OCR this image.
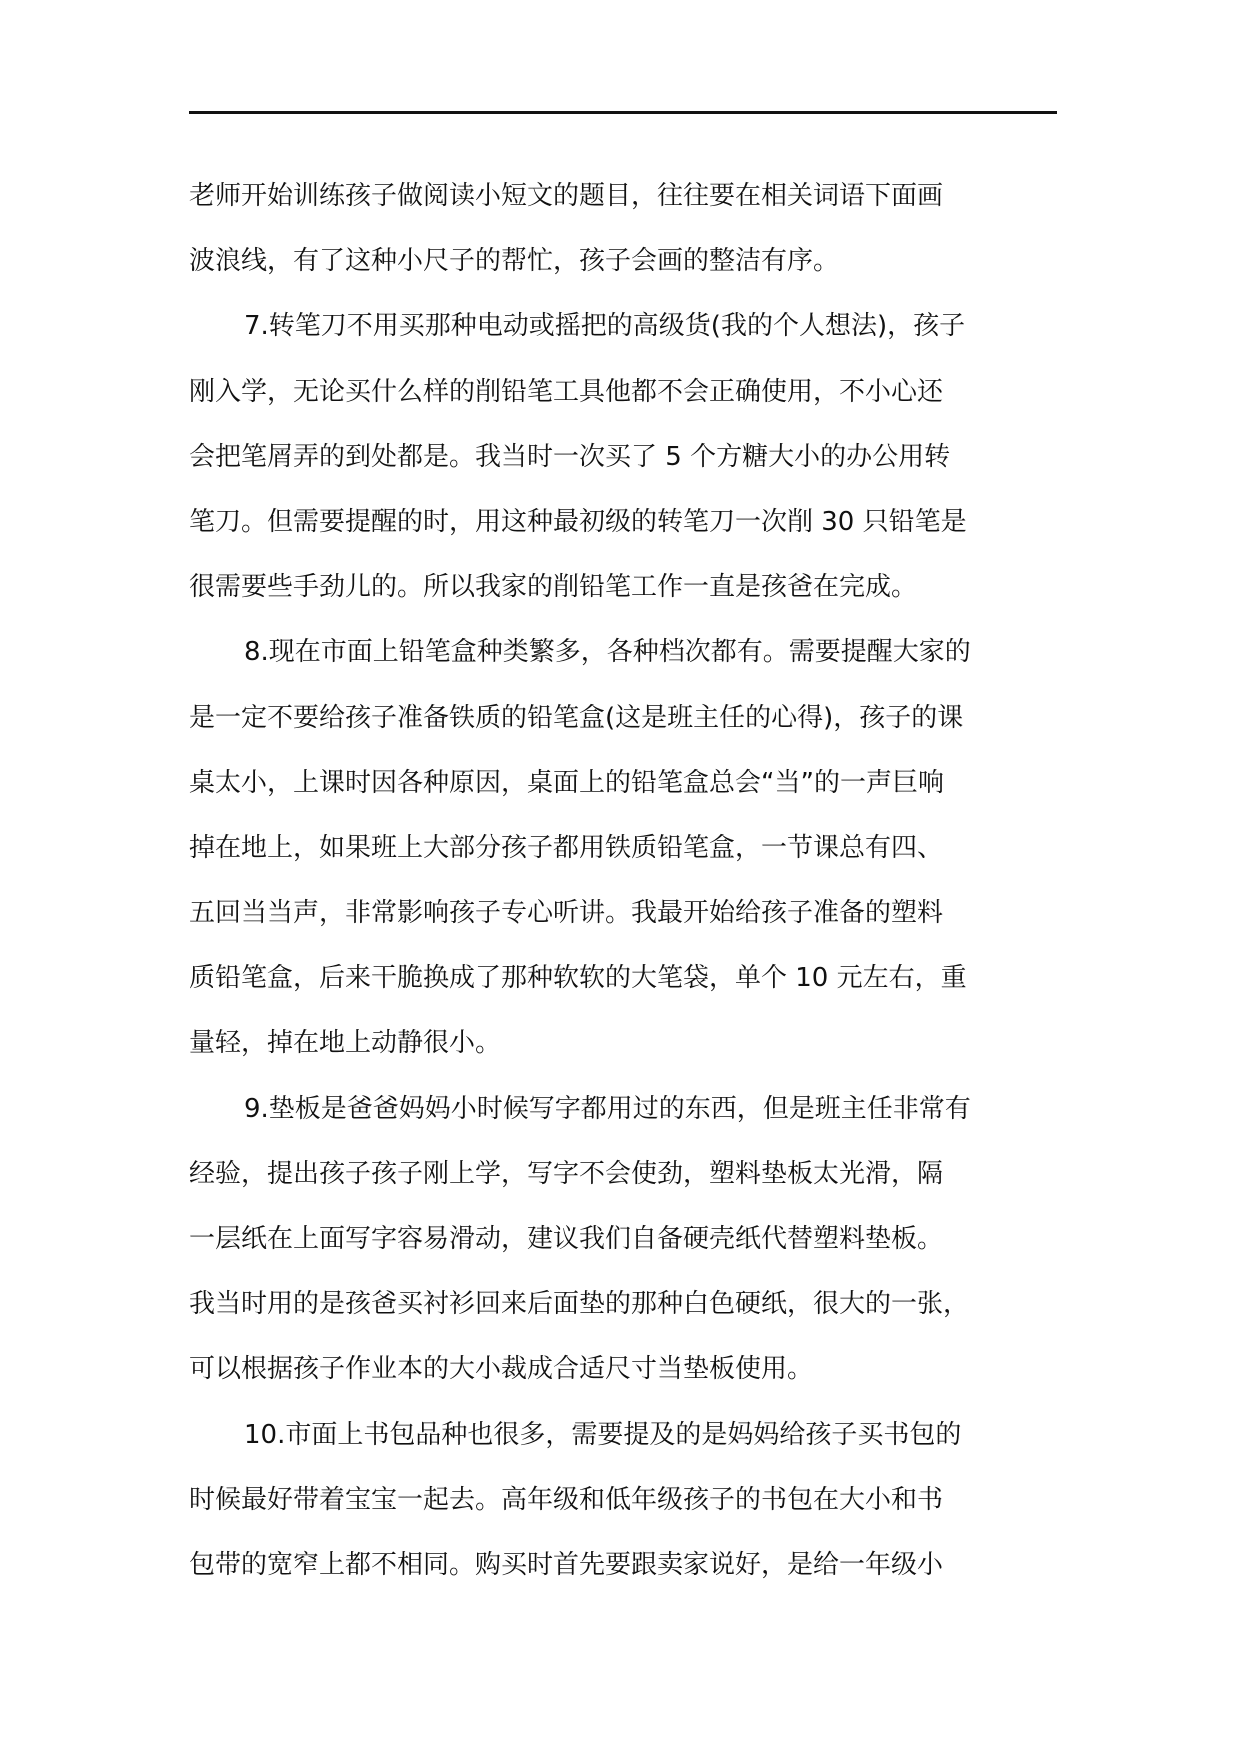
老师开始训练孩子做阅读小短文的题目，往往要在相关词语下面画
波浪线，有了这种小尺子的帮忙，孩子会画的整洁有序。
7.转笔刀不用买那种电动或摇把的高级货(我的个人想法)，孩子
刚入学，无论买什么样的削铅笔工具他都不会正确使用，不小心还
会把笔屑弄的到处都是。我当时一次买了 5 个方糖大小的办公用转
笔刀。但需要提醒的时，用这种最初级的转笔刀一次削 30 只铅笔是
很需要些手劲儿的。所以我家的削铅笔工作一直是孩爸在完成。
8.现在市面上铅笔盒种类繁多，各种档次都有。需要提醒大家的
是一定不要给孩子准备铁质的铅笔盒(这是班主任的心得)，孩子的课
桌太小，上课时因各种原因，桌面上的铅笔盒总会“当”的一声巨响
掉在地上，如果班上大部分孩子都用铁质铅笔盒，一节课总有四、
五回当当声，非常影响孩子专心听讲。我最开始给孩子准备的塑料
质铅笔盒，后来干脆换成了那种软软的大笔袋，单个 10 元左右，重
量轻，掉在地上动静很小。
9.垫板是爸爸妈妈小时候写字都用过的东西，但是班主任非常有
经验，提出孩子孩子刚上学，写字不会使劲，塑料垫板太光滑，隔
一层纸在上面写字容易滑动，建议我们自备硬壳纸代替塑料垫板。
我当时用的是孩爸买衬衫回来后面垫的那种白色硬纸，很大的一张，
可以根据孩子作业本的大小裁成合适尺寸当垫板使用。
10.市面上书包品种也很多，需要提及的是妈妈给孩子买书包的
时候最好带着宝宝一起去。高年级和低年级孩子的书包在大小和书
包带的宽窄上都不相同。购买时首先要跟卖家说好，是给一年级小
